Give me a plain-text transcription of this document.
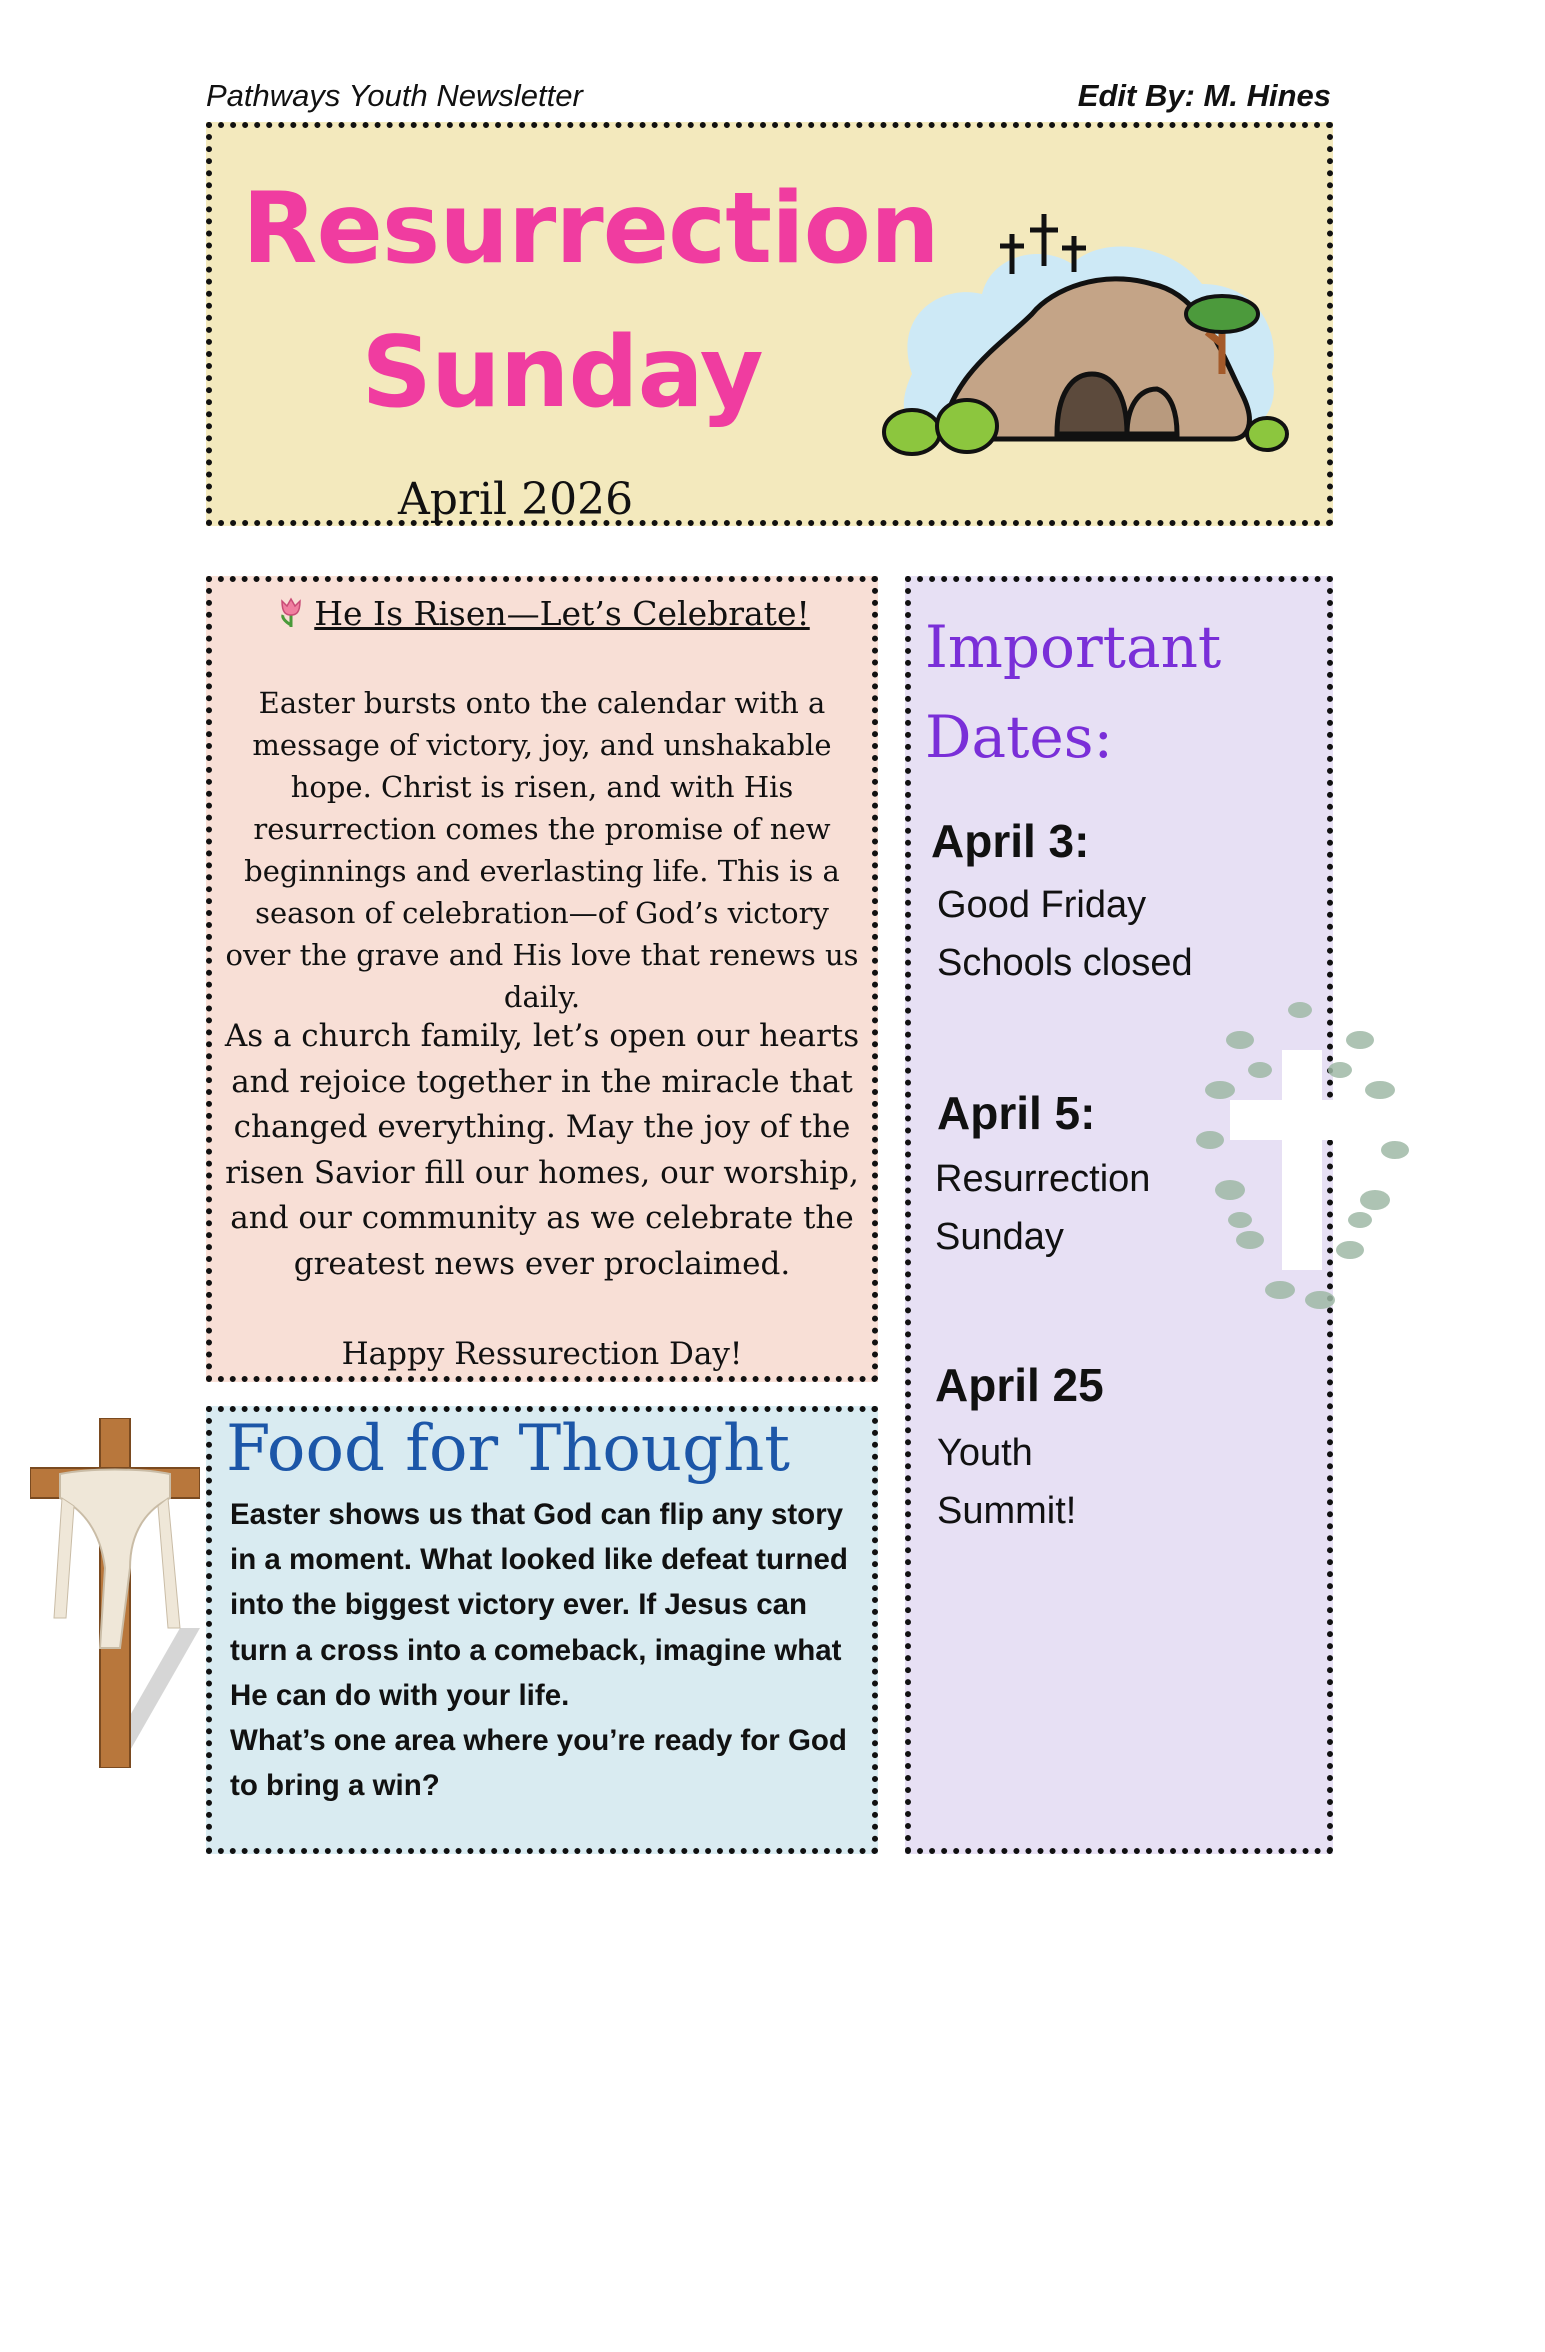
Pathways Youth Newsletter	Edit By: M. Hines
Resurrection
Sunday
April 2026
He Is Risen—Let’s Celebrate!
Easter bursts onto the calendar with a message of victory, joy, and unshakable hope. Christ is risen, and with His resurrection comes the promise of new beginnings and everlasting life. This is a season of celebration—of God’s victory over the grave and His love that renews us daily.
As a church family, let’s open our hearts and rejoice together in the miracle that changed everything. May the joy of the risen Savior fill our homes, our worship, and our community as we celebrate the greatest news ever proclaimed.
Happy Ressurection Day!
Food for Thought
Easter shows us that God can flip any story in a moment. What looked like defeat turned into the biggest victory ever. If Jesus can turn a cross into a comeback, imagine what He can do with your life.
What’s one area where you’re ready for God to bring a win?
Important
Dates:
April 3:
Good Friday
Schools closed
April 5:
Resurrection
Sunday
April 25
Youth
Summit!
